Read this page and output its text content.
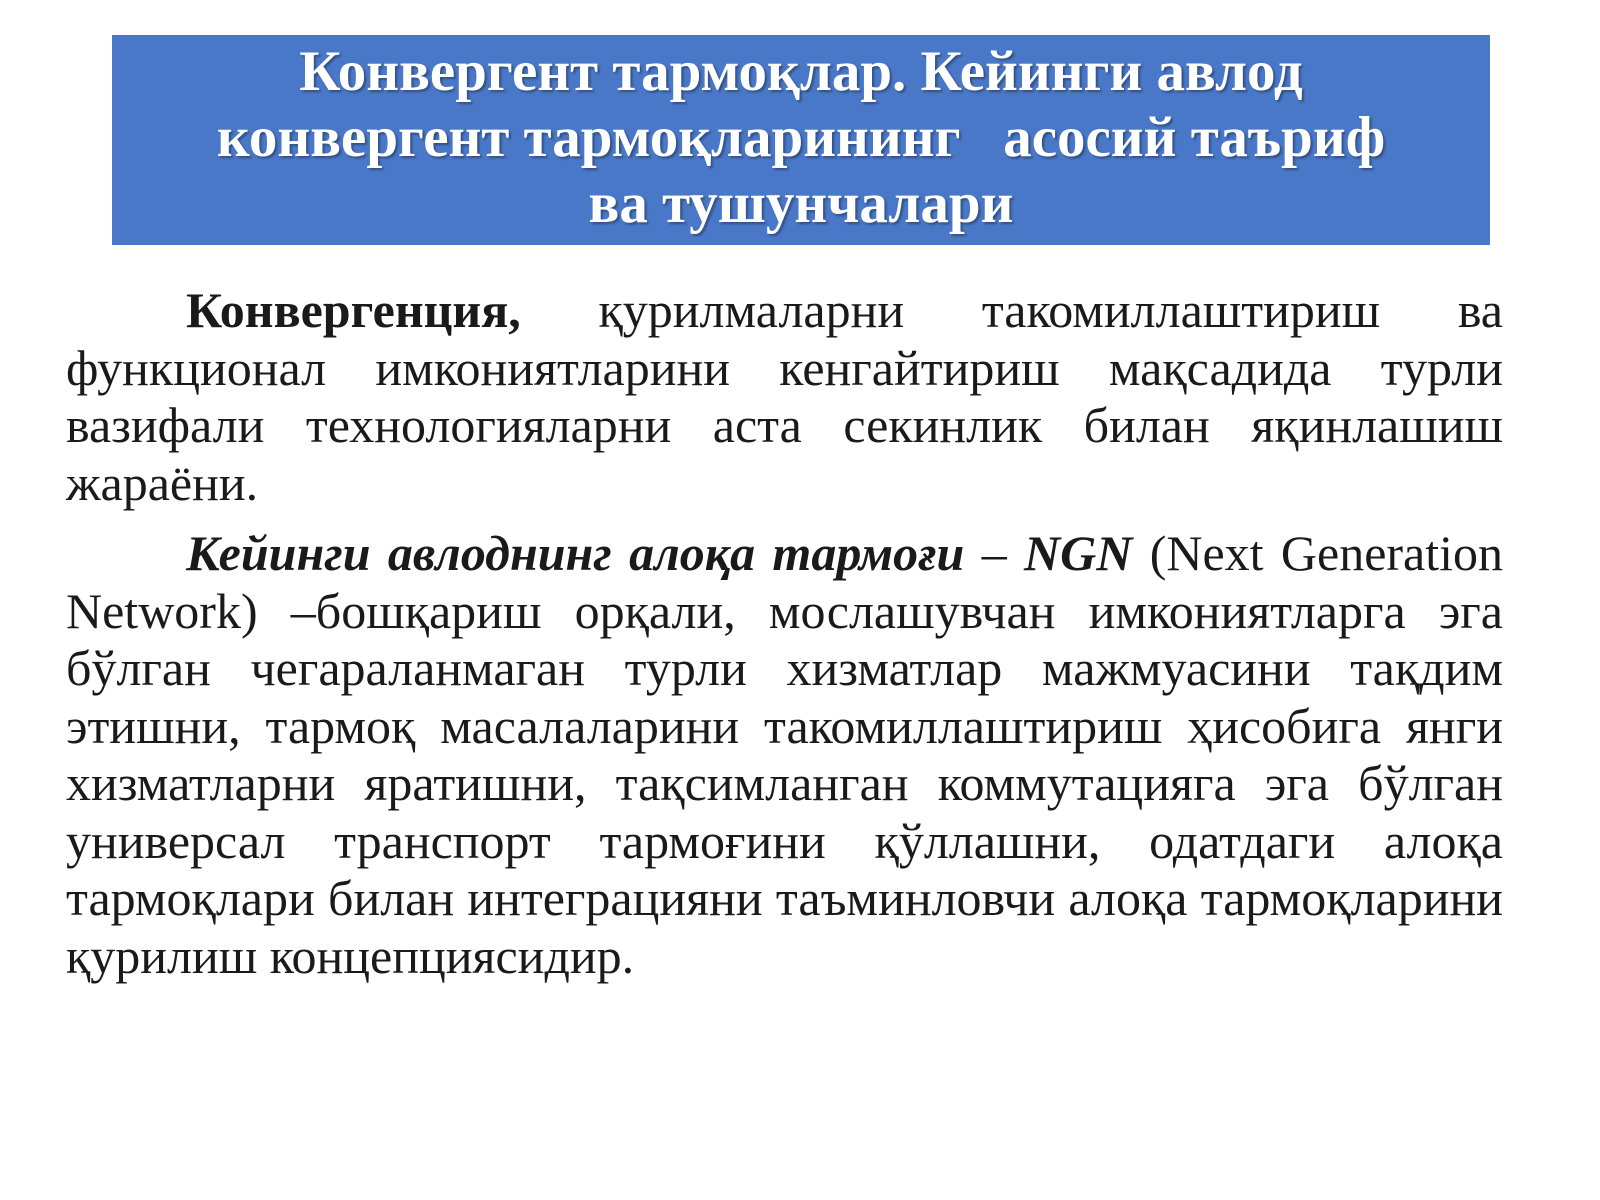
Конвергент тармоқлар. Кейинги авлод
конвергент тармоқларининг   асосий таъриф
ва тушунчалари

Конвергенция, қурилмаларни такомиллаштириш ва функционал имкониятларини кенгайтириш мақсадида турли вазифали технологияларни аста секинлик билан яқинлашиш жараёни.

Кейинги авлоднинг алоқа тармоғи – NGN (Next Generation Network) –бошқариш орқали, мослашувчан имкониятларга эга бўлган чегараланмаган турли хизматлар мажмуасини тақдим этишни, тармоқ масалаларини такомиллаштириш ҳисобига янги хизматларни яратишни, тақсимланган коммутацияга эга бўлган универсал транспорт тармоғини қўллашни, одатдаги алоқа тармоқлари билан интеграцияни таъминловчи алоқа тармоқларини қурилиш концепциясидир.
